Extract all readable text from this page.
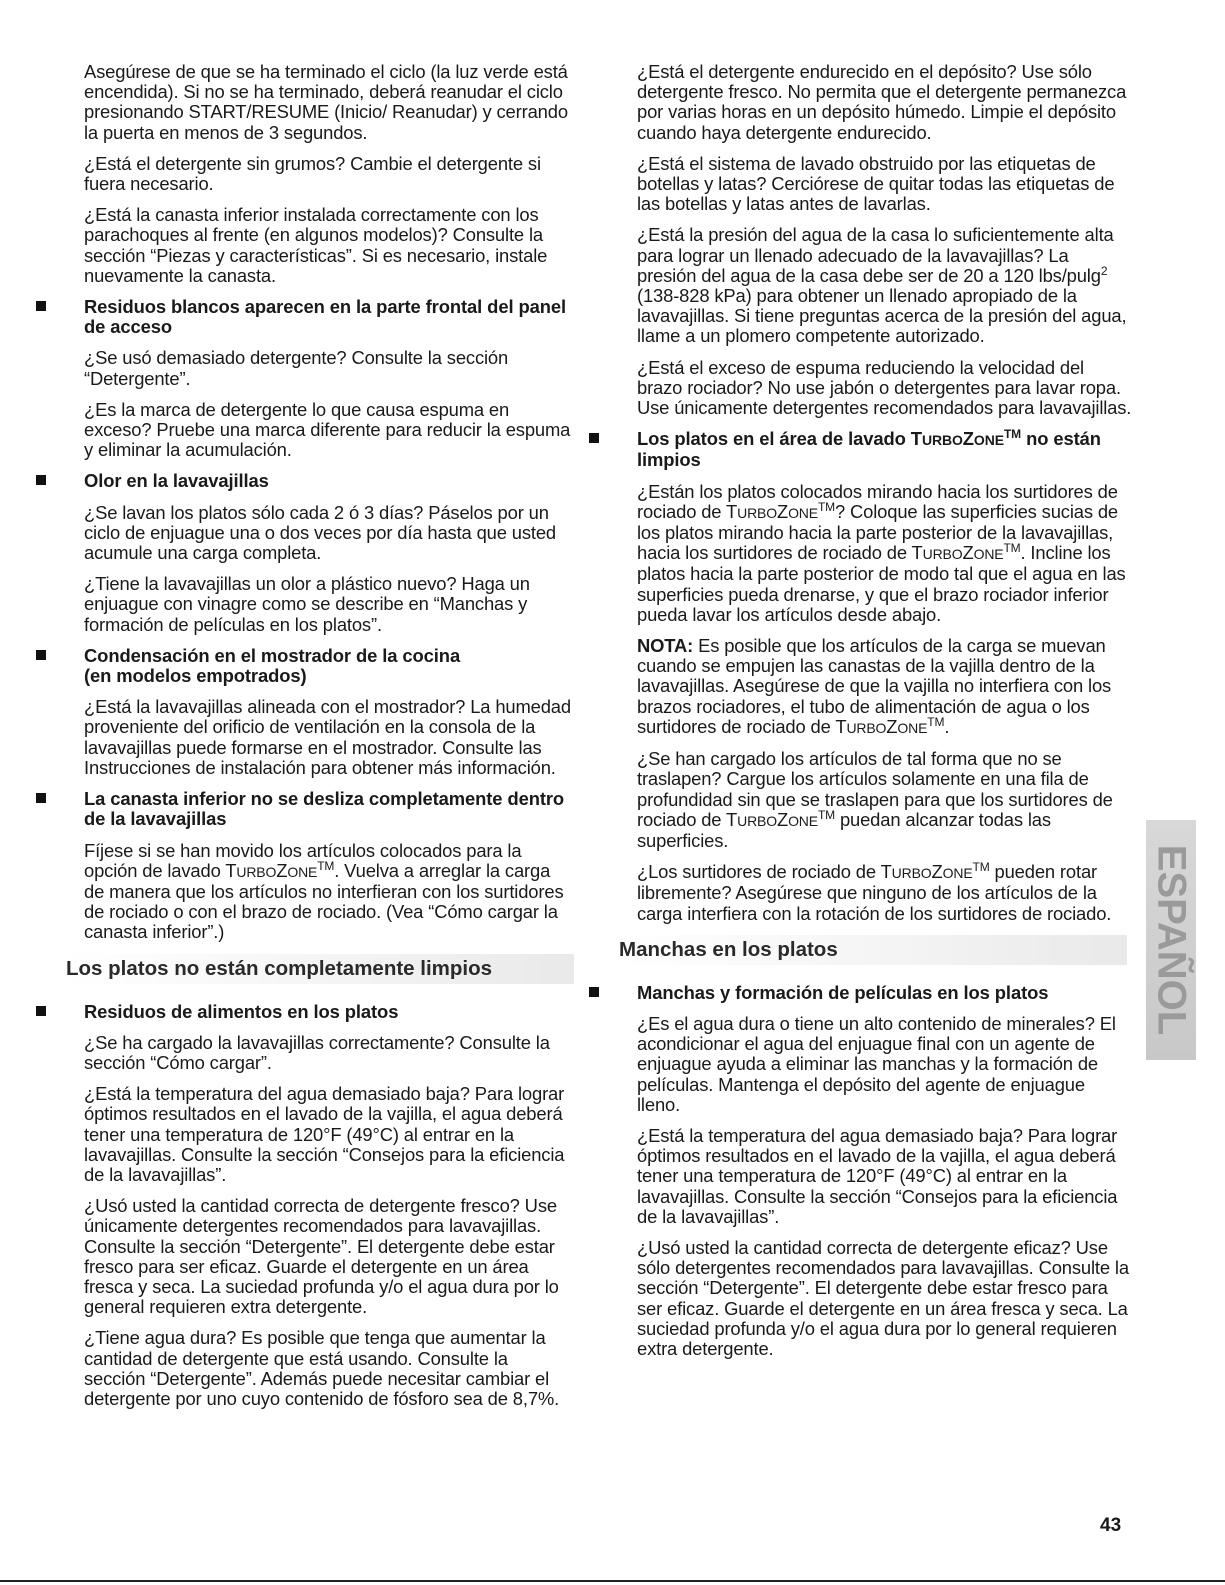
Asegúrese de que se ha terminado el ciclo (la luz verde está encendida). Si no se ha terminado, deberá reanudar el ciclo presionando START/RESUME (Inicio/ Reanudar) y cerrando la puerta en menos de 3 segundos.

¿Está el detergente sin grumos? Cambie el detergente si fuera necesario.

¿Está la canasta inferior instalada correctamente con los parachoques al frente (en algunos modelos)? Consulte la sección “Piezas y características”. Si es necesario, instale nuevamente la canasta.

Residuos blancos aparecen en la parte frontal del panel de acceso

¿Se usó demasiado detergente? Consulte la sección “Detergente”.

¿Es la marca de detergente lo que causa espuma en exceso? Pruebe una marca diferente para reducir la espuma y eliminar la acumulación.

Olor en la lavavajillas

¿Se lavan los platos sólo cada 2 ó 3 días? Páselos por un ciclo de enjuague una o dos veces por día hasta que usted acumule una carga completa.

¿Tiene la lavavajillas un olor a plástico nuevo? Haga un enjuague con vinagre como se describe en “Manchas y formación de películas en los platos”.

Condensación en el mostrador de la cocina
(en modelos empotrados)

¿Está la lavavajillas alineada con el mostrador? La humedad proveniente del orificio de ventilación en la consola de la lavavajillas puede formarse en el mostrador. Consulte las Instrucciones de instalación para obtener más información.

La canasta inferior no se desliza completamente dentro de la lavavajillas

Fíjese si se han movido los artículos colocados para la opción de lavado TURBOZONE™. Vuelva a arreglar la carga de manera que los artículos no interfieran con los surtidores de rociado o con el brazo de rociado. (Vea “Cómo cargar la canasta inferior”.)

Los platos no están completamente limpios
Residuos de alimentos en los platos

¿Se ha cargado la lavavajillas correctamente? Consulte la sección “Cómo cargar”.

¿Está la temperatura del agua demasiado baja? Para lograr óptimos resultados en el lavado de la vajilla, el agua deberá tener una temperatura de 120°F (49°C) al entrar en la lavavajillas. Consulte la sección “Consejos para la eficiencia de la lavavajillas”.

¿Usó usted la cantidad correcta de detergente fresco? Use únicamente detergentes recomendados para lavavajillas. Consulte la sección “Detergente”. El detergente debe estar fresco para ser eficaz. Guarde el detergente en un área fresca y seca. La suciedad profunda y/o el agua dura por lo general requieren extra detergente.

¿Tiene agua dura? Es posible que tenga que aumentar la cantidad de detergente que está usando. Consulte la sección “Detergente”. Además puede necesitar cambiar el detergente por uno cuyo contenido de fósforo sea de 8,7%.

¿Está el detergente endurecido en el depósito? Use sólo detergente fresco. No permita que el detergente permanezca por varias horas en un depósito húmedo. Limpie el depósito cuando haya detergente endurecido.

¿Está el sistema de lavado obstruido por las etiquetas de botellas y latas? Cerciórese de quitar todas las etiquetas de las botellas y latas antes de lavarlas.

¿Está la presión del agua de la casa lo suficientemente alta para lograr un llenado adecuado de la lavavajillas? La presión del agua de la casa debe ser de 20 a 120 lbs/pulg$^2$ (138-828 kPa) para obtener un llenado apropiado de la lavavajillas. Si tiene preguntas acerca de la presión del agua, llame a un plomero competente autorizado.

¿Está el exceso de espuma reduciendo la velocidad del brazo rociador? No use jabón o detergentes para lavar ropa. Use únicamente detergentes recomendados para lavavajillas.

Los platos en el área de lavado TURBOZONE™ no están limpios

¿Están los platos colocados mirando hacia los surtidores de rociado de TURBOZONE™? Coloque las superficies sucias de los platos mirando hacia la parte posterior de la lavavajillas, hacia los surtidores de rociado de TURBOZONE™. Incline los platos hacia la parte posterior de modo tal que el agua en las superficies pueda drenarse, y que el brazo rociador inferior pueda lavar los artículos desde abajo.

NOTA: Es posible que los artículos de la carga se muevan cuando se empujen las canastas de la vajilla dentro de la lavavajillas. Asegúrese de que la vajilla no interfiera con los brazos rociadores, el tubo de alimentación de agua o los surtidores de rociado de TURBOZONE™.

¿Se han cargado los artículos de tal forma que no se traslapen? Cargue los artículos solamente en una fila de profundidad sin que se traslapen para que los surtidores de rociado de TURBOZONE™ puedan alcanzar todas las superficies.

¿Los surtidores de rociado de TURBOZONE™ pueden rotar libremente? Asegúrese que ninguno de los artículos de la carga interfiera con la rotación de los surtidores de rociado.

Manchas en los platos
Manchas y formación de películas en los platos

¿Es el agua dura o tiene un alto contenido de minerales? El acondicionar el agua del enjuague final con un agente de enjuague ayuda a eliminar las manchas y la formación de películas. Mantenga el depósito del agente de enjuague lleno.

¿Está la temperatura del agua demasiado baja? Para lograr óptimos resultados en el lavado de la vajilla, el agua deberá tener una temperatura de 120°F (49°C) al entrar en la lavavajillas. Consulte la sección “Consejos para la eficiencia de la lavavajillas”.

¿Usó usted la cantidad correcta de detergente eficaz? Use sólo detergentes recomendados para lavavajillas. Consulte la sección “Detergente”. El detergente debe estar fresco para ser eficaz. Guarde el detergente en un área fresca y seca. La suciedad profunda y/o el agua dura por lo general requieren extra detergente.

ESPAÑOL
43
